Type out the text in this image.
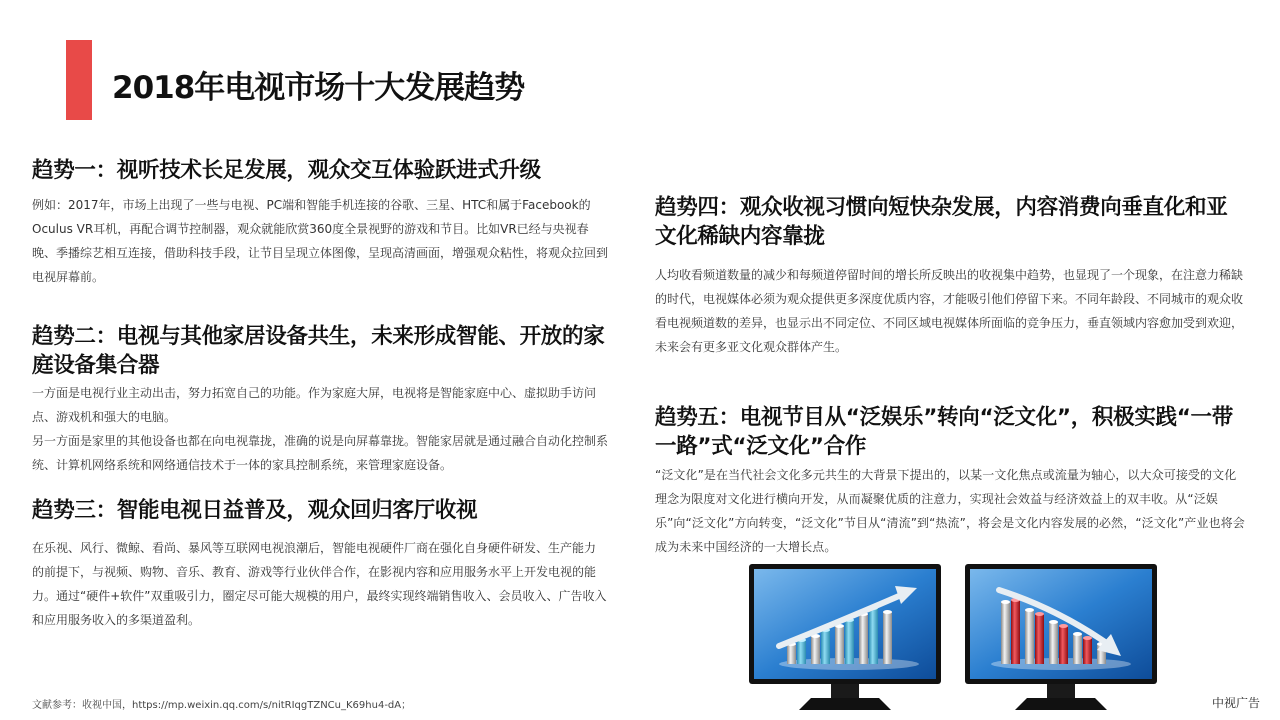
2018年电视市场十大发展趋势
趋势一：视听技术长足发展，观众交互体验跃进式升级

例如：2017年，市场上出现了一些与电视、PC端和智能手机连接的谷歌、三星、HTC和属于Facebook的Oculus VR耳机，再配合调节控制器，观众就能欣赏360度全景视野的游戏和节目。比如VR已经与央视春晚、季播综艺相互连接，借助科技手段，让节目呈现立体图像，呈现高清画面，增强观众粘性，将观众拉回到电视屏幕前。

趋势二：电视与其他家居设备共生，未来形成智能、开放的家庭设备集合器

一方面是电视行业主动出击，努力拓宽自己的功能。作为家庭大屏，电视将是智能家庭中心、虚拟助手访问点、游戏机和强大的电脑。

另一方面是家里的其他设备也都在向电视靠拢，准确的说是向屏幕靠拢。智能家居就是通过融合自动化控制系统、计算机网络系统和网络通信技术于一体的家具控制系统，来管理家庭设备。

趋势三：智能电视日益普及，观众回归客厅收视

在乐视、风行、微鲸、看尚、暴风等互联网电视浪潮后，智能电视硬件厂商在强化自身硬件研发、生产能力的前提下，与视频、购物、音乐、教育、游戏等行业伙伴合作，在影视内容和应用服务水平上开发电视的能力。通过“硬件+软件”双重吸引力，圈定尽可能大规模的用户，最终实现终端销售收入、会员收入、广告收入和应用服务收入的多渠道盈利。

趋势四：观众收视习惯向短快杂发展，内容消费向垂直化和亚文化稀缺内容靠拢

人均收看频道数量的减少和每频道停留时间的增长所反映出的收视集中趋势，也显现了一个现象，在注意力稀缺的时代，电视媒体必须为观众提供更多深度优质内容，才能吸引他们停留下来。不同年龄段、不同城市的观众收看电视频道数的差异，也显示出不同定位、不同区域电视媒体所面临的竞争压力，垂直领域内容愈加受到欢迎，未来会有更多亚文化观众群体产生。

趋势五：电视节目从“泛娱乐”转向“泛文化”，积极实践“一带一路”式“泛文化”合作

“泛文化”是在当代社会文化多元共生的大背景下提出的，以某一文化焦点或流量为轴心，以大众可接受的文化理念为限度对文化进行横向开发，从而凝聚优质的注意力，实现社会效益与经济效益上的双丰收。从“泛娱乐”向“泛文化”方向转变，“泛文化”节目从“清流”到“热流”，将会是文化内容发展的必然，“泛文化”产业也将会成为未来中国经济的一大增长点。

文献参考：收视中国，https://mp.weixin.qq.com/s/nitRIqgTZNCu_K69hu4-dA；	中视广告
